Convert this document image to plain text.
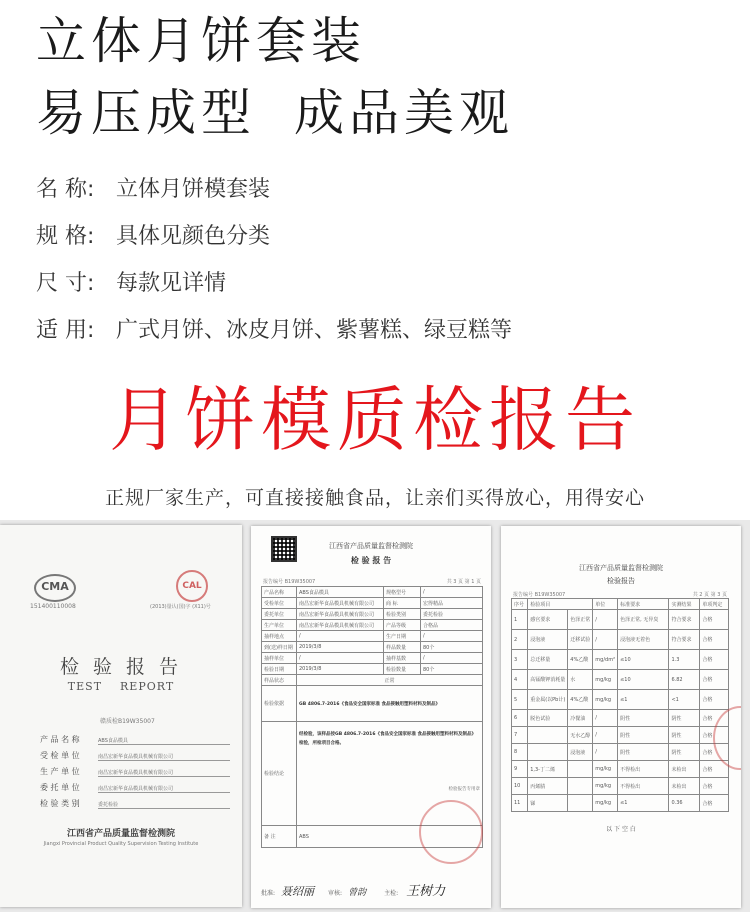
立体月饼套装
易压成型 成品美观
名 称: 立体月饼模套装
规 格: 具体见颜色分类
尺 寸: 每款见详情
适 用: 广式月饼、冰皮月饼、紫薯糕、绿豆糕等
月饼模质检报告
正规厂家生产，可直接接触食品，让亲们买得放心，用得安心
CMA
151400110008
CAL
(2013)量认(国)字 (X11)号
检 验 报 告
TEST    REPORT
赣质检B19W35007
产 品 名 称	ABS食品模具
受 检 单 位	南昌宏新华食品模具机械有限公司
生 产 单 位	南昌宏新华食品模具机械有限公司
委 托 单 位	南昌宏新华食品模具机械有限公司
检 验 类 别	委托检验
江西省产品质量监督检测院
Jiangxi Provincial Product Quality Supervision Testing Institute
江西省产品质量监督检测院
检 验 报 告
报告编号 B19W35007	共 3 页 第 1 页
产品名称	ABS食品模具	规格型号	/
受检单位	南昌宏新华食品模具机械有限公司	商 标	宏得精品
委托单位	南昌宏新华食品模具机械有限公司	检验类别	委托检验
生产单位	南昌宏新华食品模具机械有限公司	产品等级	合格品
抽样地点	/	生产日期	/
到(送)样日期	2019/3/8	样品数量	80个
抽样单位	/	抽样基数	/
检验日期	2019/3/8	检验数量	80个
样品状态	正常		
检验依据	GB 4806.7-2016《食品安全国家标准 食品接触用塑料材料及制品》		
检验结论	经检验，该样品按GB 4806.7-2016《食品安全国家标准 食品接触用塑料材料及制品》检验，所检项目合格。
检验报告专用章		

备 注	ABS		
批准: 聂绍丽 审核: 曾韵	主检: 王树力
江西省产品质量监督检测院
检验报告
报告编号 B19W35007	共 2 页 第 3 页
序号	检验项目		单位	标准要求	实测结果	单项判定
1	感官要求	色泽正常	/	色泽正常, 无异臭	符合要求	合格
2	浸泡液	迁移试验	/	浸泡液无着色	符合要求	合格
3	总迁移量	4%乙酸	mg/dm²	≤10	1.3	合格
4	高锰酸钾消耗量	水	mg/kg	≤10	6.82	合格
5	重金属(以Pb计)	4%乙酸	mg/kg	≤1	<1	合格
6	脱色试验	冷餐油	/	阴性	阴性	合格
7		无水乙醇	/	阴性	阴性	合格
8		浸泡液	/	阴性	阴性	合格
9	1,3-丁二烯		mg/kg	不得检出	未检出	合格
10	丙烯腈		mg/kg	不得检出	未检出	合格
11	锑		mg/kg	≤1	0.36	合格
以 下 空 白
